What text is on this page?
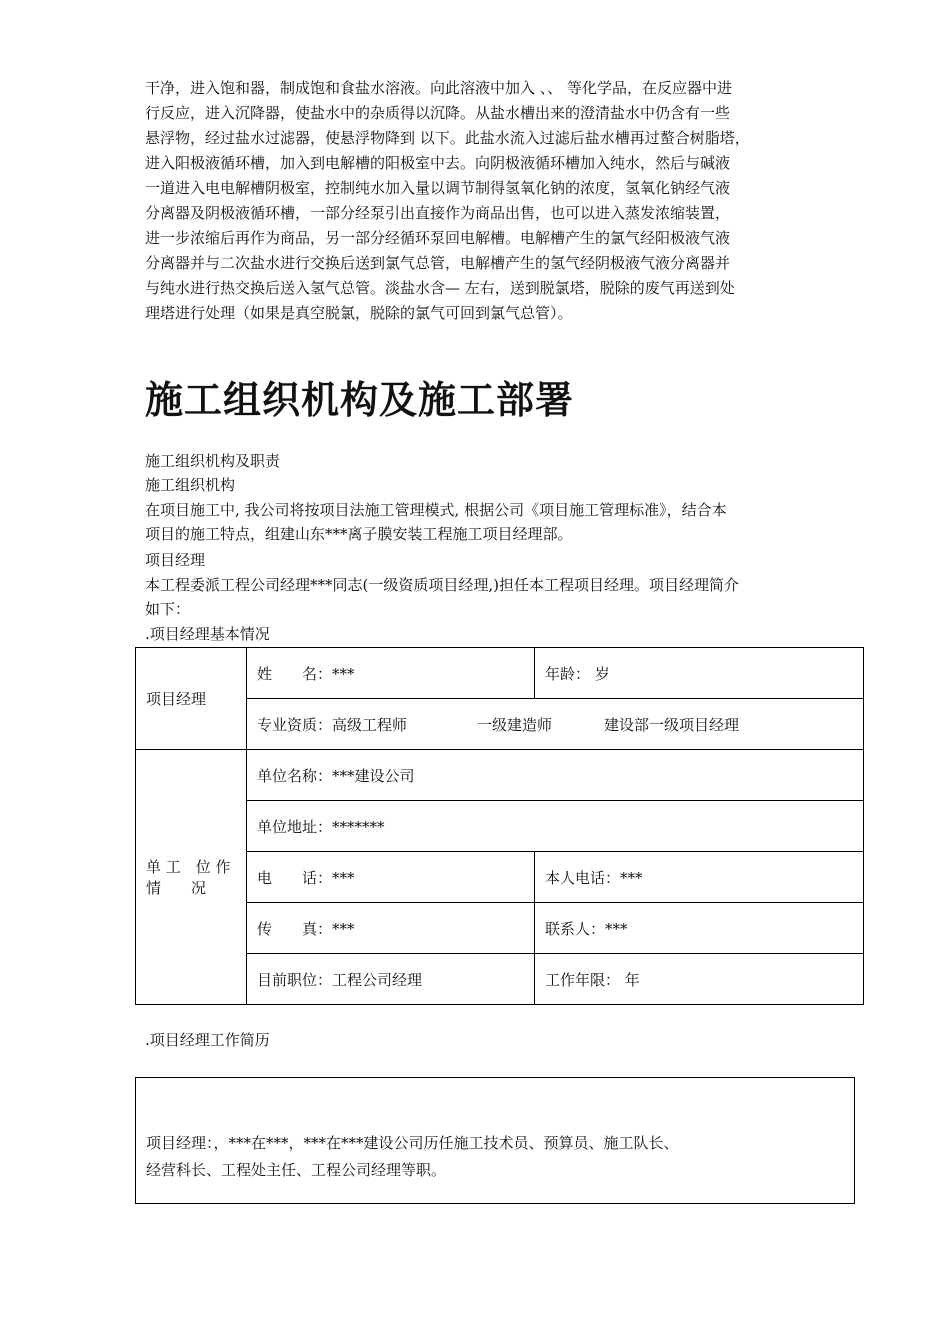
干净，进入饱和器，制成饱和食盐水溶液。向此溶液中加入 、、 等化学品，在反应器中进
行反应，进入沉降器，使盐水中的杂质得以沉降。从盐水槽出来的澄清盐水中仍含有一些
悬浮物，经过盐水过滤器，使悬浮物降到 以下。此盐水流入过滤后盐水槽再过螯合树脂塔，
进入阳极液循环槽，加入到电解槽的阳极室中去。向阴极液循环槽加入纯水，然后与碱液
一道进入电电解槽阴极室，控制纯水加入量以调节制得氢氧化钠的浓度，氢氧化钠经气液
分离器及阴极液循环槽，一部分经泵引出直接作为商品出售，也可以进入蒸发浓缩装置，
进一步浓缩后再作为商品，另一部分经循环泵回电解槽。电解槽产生的氯气经阳极液气液
分离器并与二次盐水进行交换后送到氯气总管，电解槽产生的氢气经阴极液气液分离器并
与纯水进行热交换后送入氢气总管。淡盐水含— 左右，送到脱氯塔，脱除的废气再送到处
理塔进行处理（如果是真空脱氯，脱除的氯气可回到氯气总管）。
施工组织机构及施工部署
施工组织机构及职责
施工组织机构
在项目施工中, 我公司将按项目法施工管理模式, 根据公司《项目施工管理标准》，结合本
项目的施工特点，组建山东***离子膜安装工程施工项目经理部。
项目经理
本工程委派工程公司经理***同志(一级资质项目经理,)担任本工程项目经理。项目经理简介
如下：
.项目经理基本情况
项目经理	姓　　名：***	年龄： 岁
	专业资质：高级工程师 一级建造师 建设部一级项目经理	

单 工　位 作
情　　况	单位名称：***建设公司	
	单位地址：*******	
	电　　话：***	本人电话：***
	传　　真：***	联系人：***
	目前职位：工程公司经理	工作年限： 年
.项目经理工作简历
项目经理：，***在***，***在***建设公司历任施工技术员、预算员、施工队长、
经营科长、工程处主任、工程公司经理等职。
